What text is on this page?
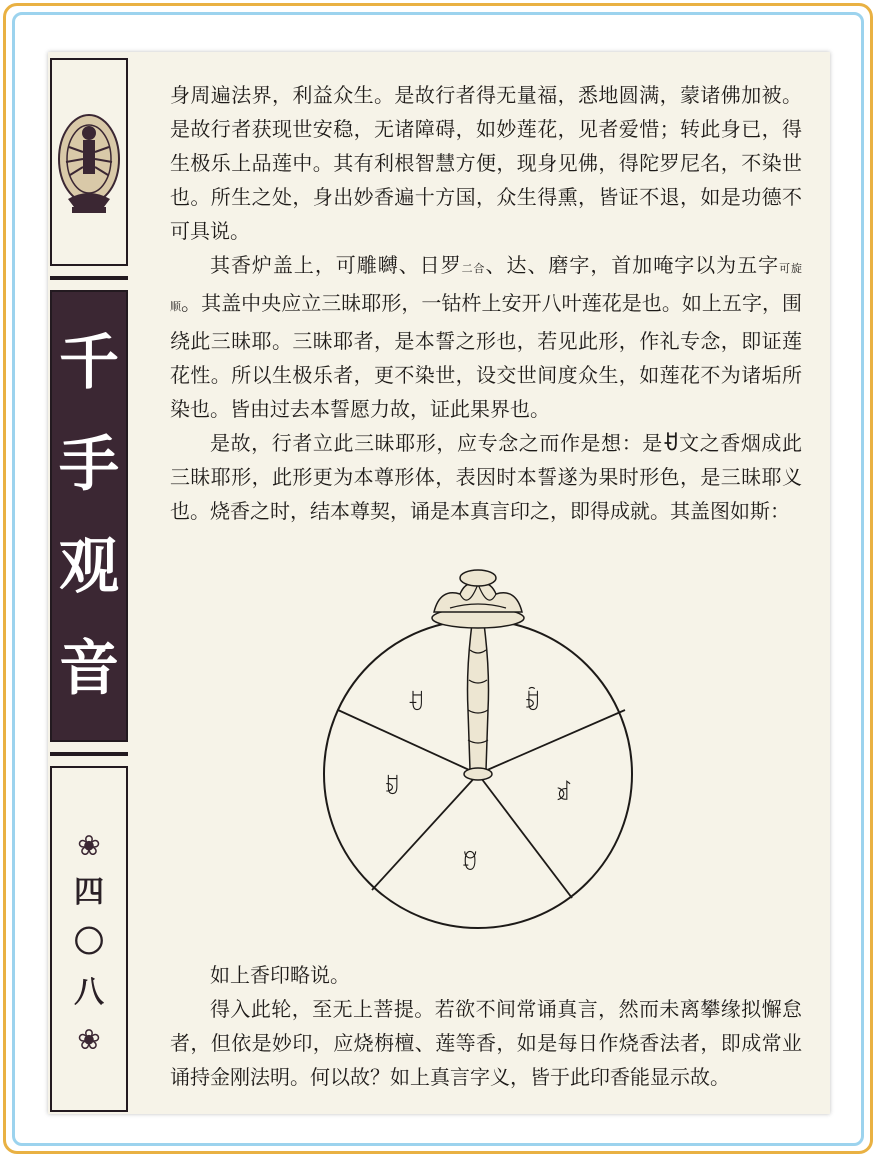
千
手
观
音
❀
四
〇
八
❀

身周遍法界，利益众生。是故行者得无量福，悉地圆满，蒙诸佛加被。是故行者获现世安稳，无诸障碍，如妙莲花，见者爱惜；转此身已，得生极乐上品莲中。其有利根智慧方便，现身见佛，得陀罗尼名，不染世也。所生之处，身出妙香遍十方国，众生得熏，皆证不退，如是功德不可具说。

其香炉盖上，可雕嚩、日罗二合、达、磨字，首加唵字以为五字可旋顺。其盖中央应立三昧耶形，一钴杵上安开八叶莲花是也。如上五字，围绕此三昧耶。三昧耶者，是本誓之形也，若见此形，作礼专念，即证莲花性。所以生极乐者，更不染世，设交世间度众生，如莲花不为诸垢所染也。皆由过去本誓愿力故，证此果界也。

是故，行者立此三昧耶形，应专念之而作是想：是ꀀ文之香烟成此三昧耶形，此形更为本尊形体，表因时本誓遂为果时形色，是三昧耶义也。烧香之时，结本尊契，诵是本真言印之，即得成就。其盖图如斯：

ꀀ	ꀁ
ꀂ	ꀃ
ꀄ

如上香印略说。

得入此轮，至无上菩提。若欲不间常诵真言，然而未离攀缘拟懈怠者，但依是妙印，应烧栴檀、莲等香，如是每日作烧香法者，即成常业诵持金刚法明。何以故？如上真言字义，皆于此印香能显示故。
